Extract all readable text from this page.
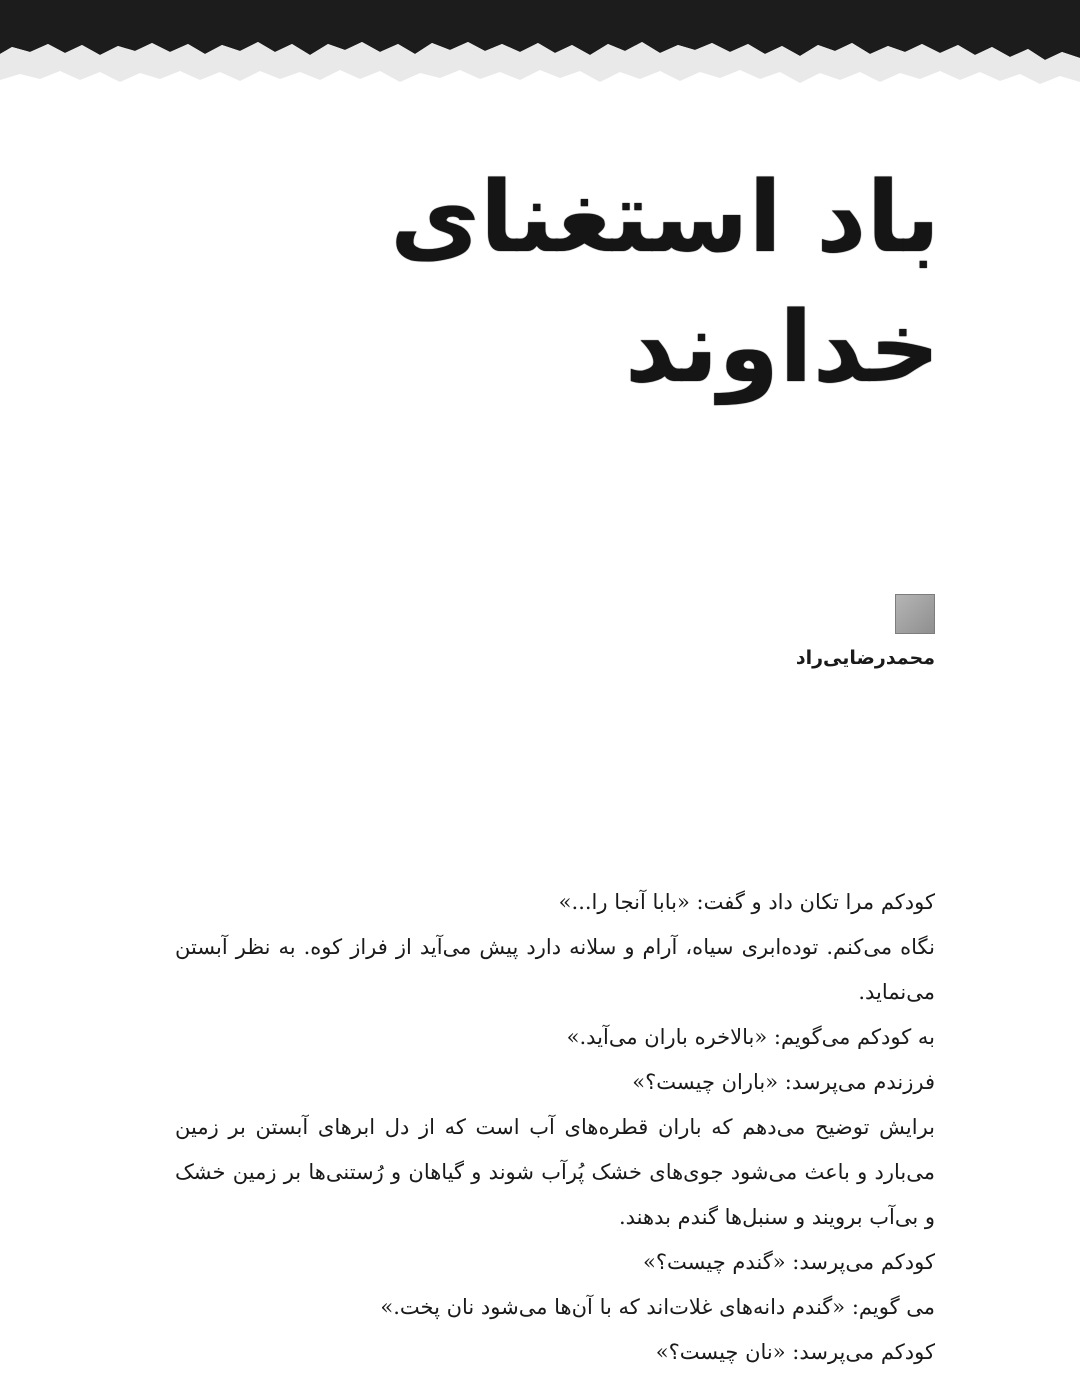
باد استغنای
خداوند
محمدرضایی‌راد

کودکم مرا تکان داد و گفت: «بابا آنجا را...»

نگاه می‌کنم. توده‌ابری سیاه، آرام و سلانه دارد پیش می‌آید از فراز کوه. به نظر آبستن می‌نماید.

به کودکم می‌گویم: «بالاخره باران می‌آید.»

فرزندم می‌پرسد: «باران چیست؟»

برایش توضیح می‌دهم که باران قطره‌های آب است که از دل ابرهای آبستن بر زمین می‌بارد و باعث می‌شود جوی‌های خشک پُرآب شوند و گیاهان و رُستنی‌ها بر زمین خشک و بی‌آب برویند و سنبل‌ها گندم بدهند.

کودکم می‌پرسد: «گندم چیست؟»

می گویم: «گندم دانه‌های غلات‌اند که با آن‌ها می‌شود نان پخت.»

کودکم می‌پرسد: «نان چیست؟»
